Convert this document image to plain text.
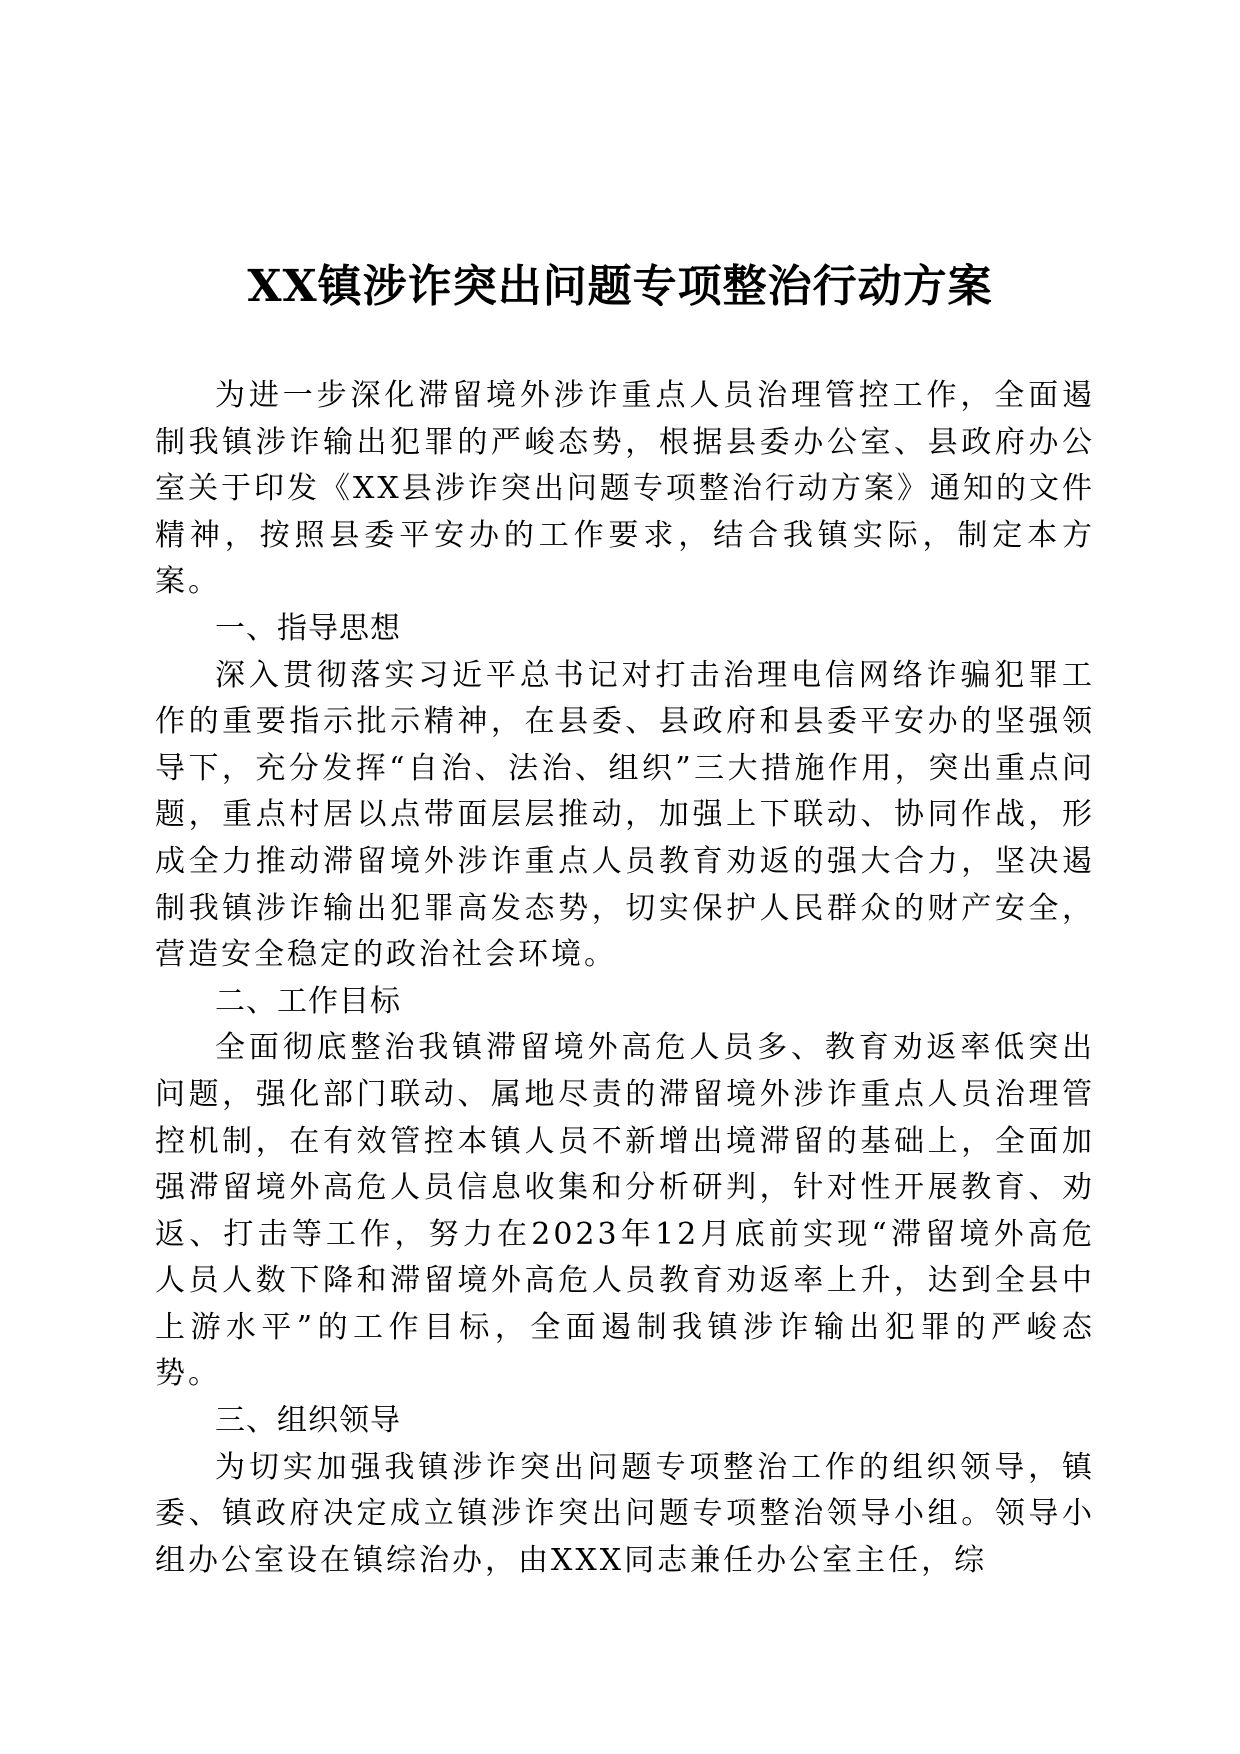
XX镇涉诈突出问题专项整治行动方案

为进一步深化滞留境外涉诈重点人员治理管控工作，全面遏制我镇涉诈输出犯罪的严峻态势，根据县委办公室、县政府办公室关于印发《XX县涉诈突出问题专项整治行动方案》通知的文件精神，按照县委平安办的工作要求，结合我镇实际，制定本方案。

一、指导思想

深入贯彻落实习近平总书记对打击治理电信网络诈骗犯罪工作的重要指示批示精神，在县委、县政府和县委平安办的坚强领导下，充分发挥“自治、法治、组织”三大措施作用，突出重点问题，重点村居以点带面层层推动，加强上下联动、协同作战，形成全力推动滞留境外涉诈重点人员教育劝返的强大合力，坚决遏制我镇涉诈输出犯罪高发态势，切实保护人民群众的财产安全，营造安全稳定的政治社会环境。

二、工作目标

全面彻底整治我镇滞留境外高危人员多、教育劝返率低突出问题，强化部门联动、属地尽责的滞留境外涉诈重点人员治理管控机制，在有效管控本镇人员不新增出境滞留的基础上，全面加强滞留境外高危人员信息收集和分析研判，针对性开展教育、劝返、打击等工作，努力在2023年12月底前实现“滞留境外高危人员人数下降和滞留境外高危人员教育劝返率上升，达到全县中上游水平”的工作目标，全面遏制我镇涉诈输出犯罪的严峻态势。

三、组织领导

为切实加强我镇涉诈突出问题专项整治工作的组织领导，镇委、镇政府决定成立镇涉诈突出问题专项整治领导小组。领导小组办公室设在镇综治办，由XXX同志兼任办公室主任，综
